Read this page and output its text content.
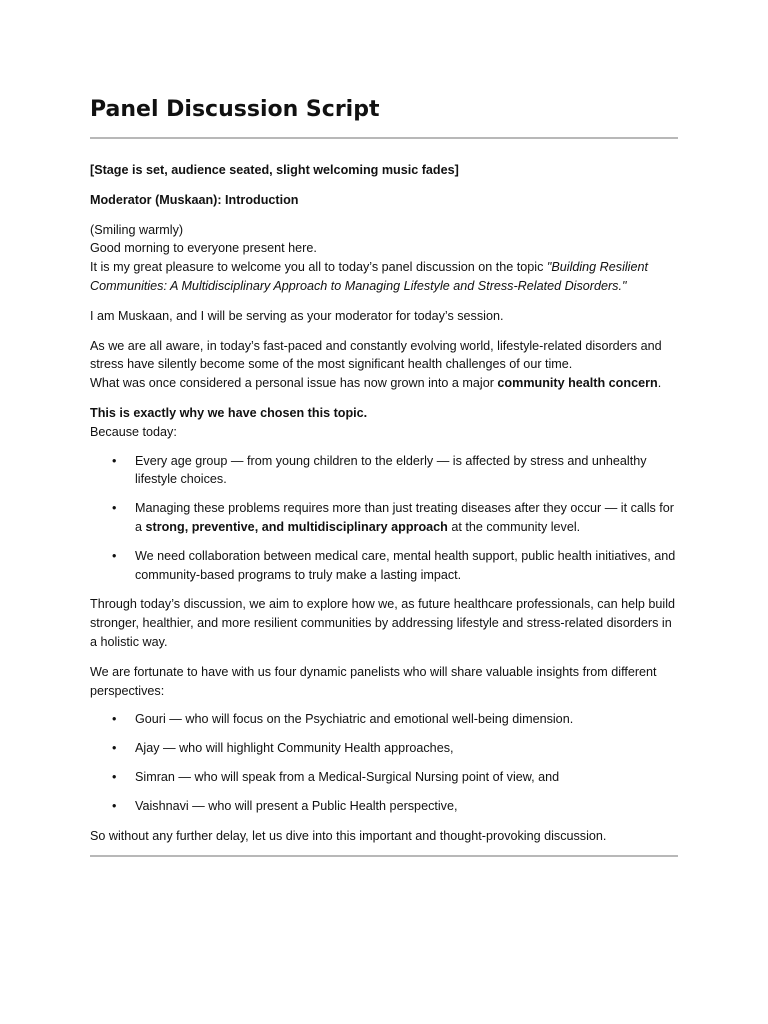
Panel Discussion Script

[Stage is set, audience seated, slight welcoming music fades]

Moderator (Muskaan): Introduction

(Smiling warmly)
Good morning to everyone present here.
It is my great pleasure to welcome you all to today’s panel discussion on the topic "Building Resilient Communities: A Multidisciplinary Approach to Managing Lifestyle and Stress-Related Disorders."

I am Muskaan, and I will be serving as your moderator for today’s session.

As we are all aware, in today’s fast-paced and constantly evolving world, lifestyle-related disorders and stress have silently become some of the most significant health challenges of our time.
What was once considered a personal issue has now grown into a major community health concern.

This is exactly why we have chosen this topic.
Because today:

• Every age group — from young children to the elderly — is affected by stress and unhealthy lifestyle choices.
• Managing these problems requires more than just treating diseases after they occur — it calls for a strong, preventive, and multidisciplinary approach at the community level.
• We need collaboration between medical care, mental health support, public health initiatives, and community-based programs to truly make a lasting impact.

Through today’s discussion, we aim to explore how we, as future healthcare professionals, can help build stronger, healthier, and more resilient communities by addressing lifestyle and stress-related disorders in a holistic way.

We are fortunate to have with us four dynamic panelists who will share valuable insights from different perspectives:

• Gouri — who will focus on the Psychiatric and emotional well-being dimension.
• Ajay — who will highlight Community Health approaches,
• Simran — who will speak from a Medical-Surgical Nursing point of view, and
• Vaishnavi — who will present a Public Health perspective,

So without any further delay, let us dive into this important and thought-provoking discussion.
